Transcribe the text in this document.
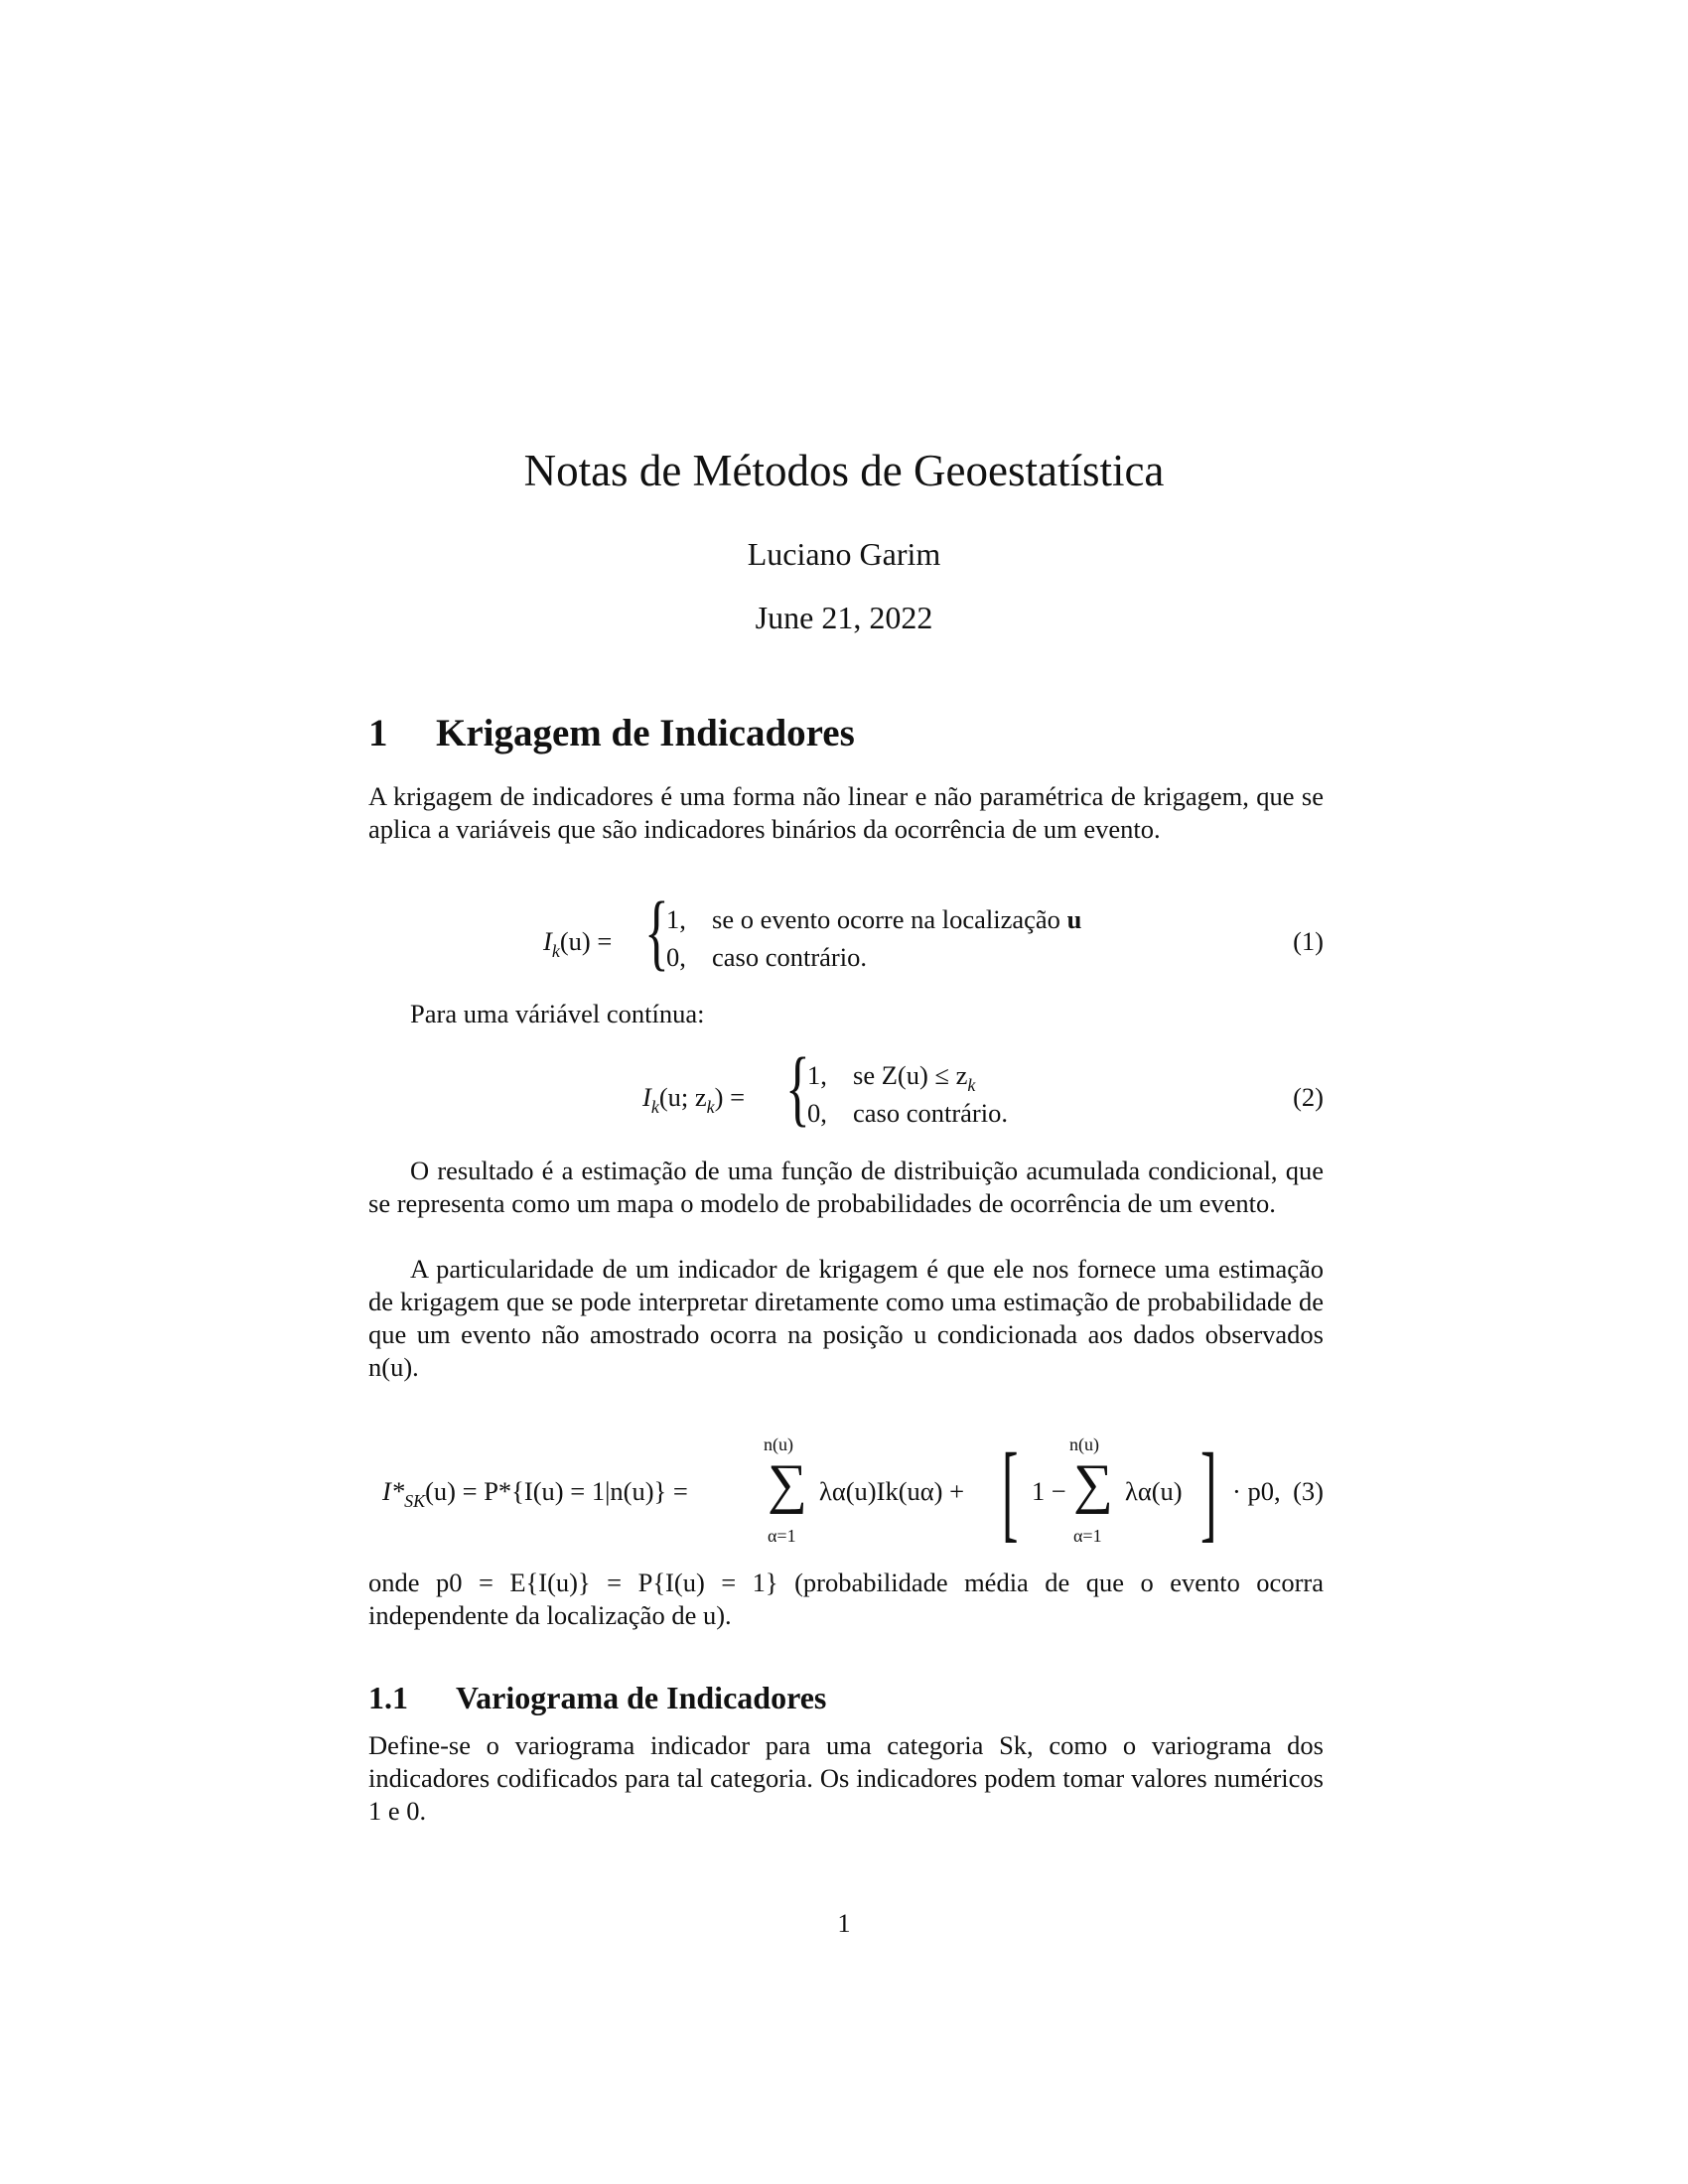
Notas de Métodos de Geoestatística
Luciano Garim
June 21, 2022
1 Krigagem de Indicadores

A krigagem de indicadores é uma forma não linear e não paramétrica de krigagem, que se aplica a variáveis que são indicadores binários da ocorrência de um evento.

$I_k(u)$ = {
1, se o evento ocorre na localização u
0, caso contrário.
(1)

Para uma váriável contínua:

$I_k(u$; $z_k$) = {
1, se $Z(u) \le z_k$
0, caso contrário.
(2)

O resultado é a estimação de uma função de distribuição acumulada condicional, que se representa como um mapa o modelo de probabilidades de ocorrência de um evento.

A particularidade de um indicador de krigagem é que ele nos fornece uma estimação de krigagem que se pode interpretar diretamente como uma estimação de probabilidade de que um evento não amostrado ocorra na posição u condicionada aos dados observados n(u).

$I*_{SK}(u) = P*\{I(u) = 1|n(u)\}$ =
n(u)
∑
α=1
λα(u)Ik(uα) + [ 1 −
n(u)
∑
α=1
λα(u) ] · p0, (3)

onde p0 = E{I(u)} = P{I(u) = 1} (probabilidade média de que o evento ocorra independente da localização de u).

1.1 Variograma de Indicadores

Define-se o variograma indicador para uma categoria Sk, como o variograma dos indicadores codificados para tal categoria. Os indicadores podem tomar valores numéricos 1 e 0.

1
